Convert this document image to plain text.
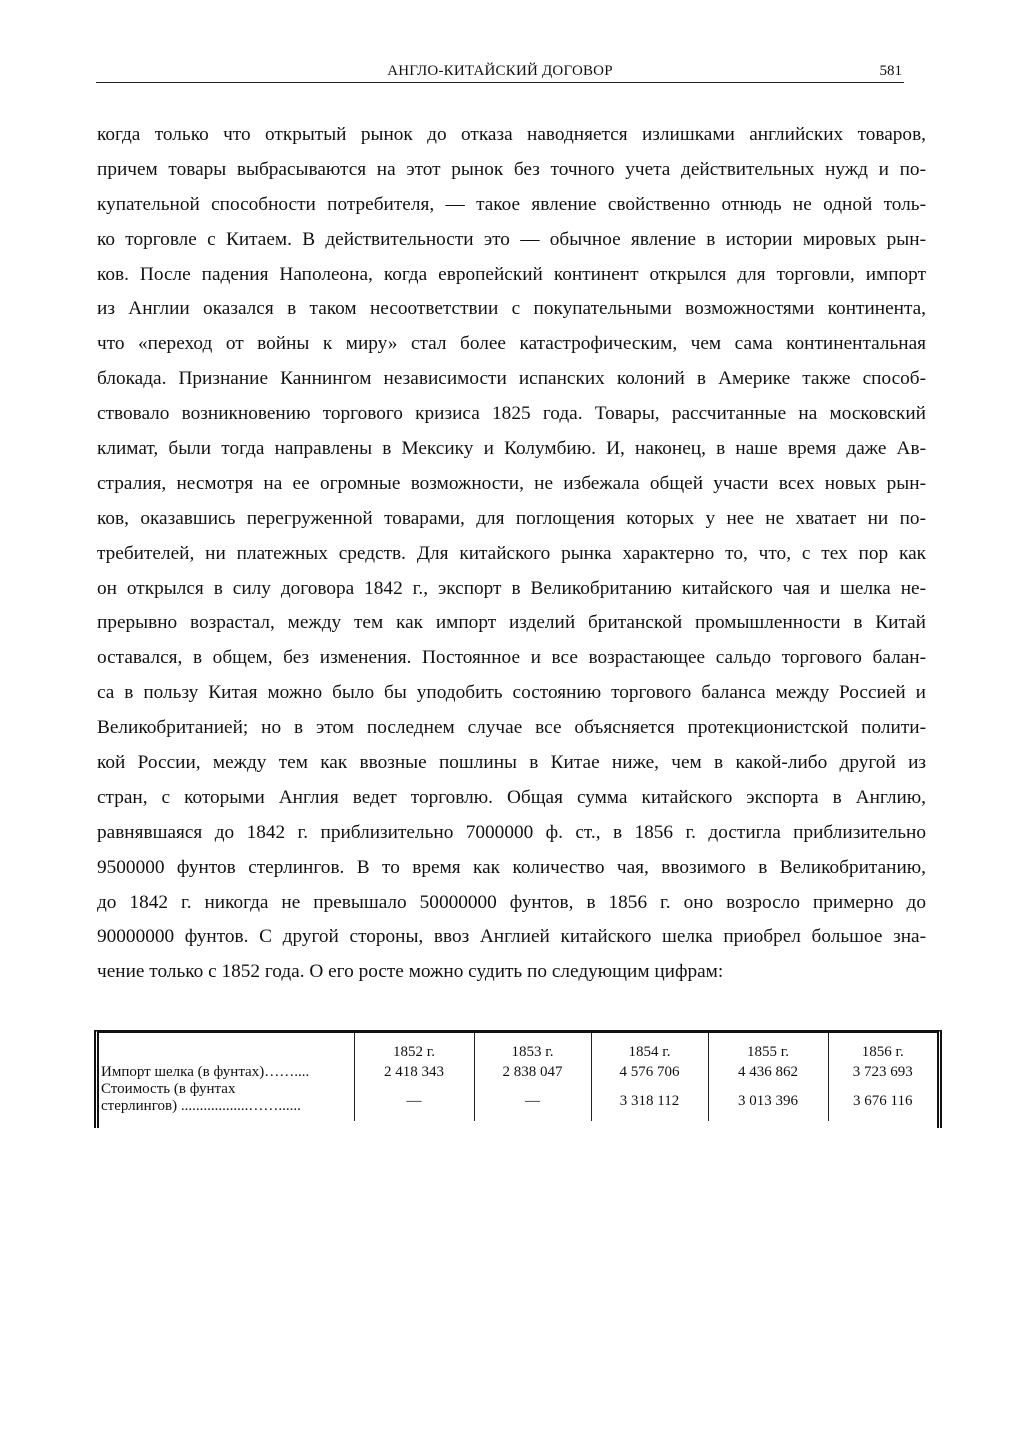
АНГЛО-КИТАЙСКИЙ ДОГОВОР	581
когда только что открытый рынок до отказа наводняется излишками английских товаров,
причем товары выбрасываются на этот рынок без точного учета действительных нужд и по-
купательной способности потребителя, — такое явление свойственно отнюдь не одной толь-
ко торговле с Китаем. В действительности это — обычное явление в истории мировых рын-
ков. После падения Наполеона, когда европейский континент открылся для торговли, импорт
из Англии оказался в таком несоответствии с покупательными возможностями континента,
что «переход от войны к миру» стал более катастрофическим, чем сама континентальная
блокада. Признание Каннингом независимости испанских колоний в Америке также способ-
ствовало возникновению торгового кризиса 1825 года. Товары, рассчитанные на московский
климат, были тогда направлены в Мексику и Колумбию. И, наконец, в наше время даже Ав-
стралия, несмотря на ее огромные возможности, не избежала общей участи всех новых рын-
ков, оказавшись перегруженной товарами, для поглощения которых у нее не хватает ни по-
требителей, ни платежных средств. Для китайского рынка характерно то, что, с тех пор как
он открылся в силу договора 1842 г., экспорт в Великобританию китайского чая и шелка не-
прерывно возрастал, между тем как импорт изделий британской промышленности в Китай
оставался, в общем, без изменения. Постоянное и все возрастающее сальдо торгового балан-
са в пользу Китая можно было бы уподобить состоянию торгового баланса между Россией и
Великобританией; но в этом последнем случае все объясняется протекционистской полити-
кой России, между тем как ввозные пошлины в Китае ниже, чем в какой-либо другой из
стран, с которыми Англия ведет торговлю. Общая сумма китайского экспорта в Англию,
равнявшаяся до 1842 г. приблизительно 7000000 ф. ст., в 1856 г. достигла приблизительно
9500000 фунтов стерлингов. В то время как количество чая, ввозимого в Великобританию,
до 1842 г. никогда не превышало 50000000 фунтов, в 1856 г. оно возросло примерно до
90000000 фунтов. С другой стороны, ввоз Англией китайского шелка приобрел большое зна-
чение только с 1852 года. О его росте можно судить по следующим цифрам:
	1852 г.	1853 г.	1854 г.	1855 г.	1856 г.
Импорт шелка (в фунтах)……....	2 418 343	2 838 047	4 576 706	4 436 862	3 723 693
Стоимость (в фунтах
стерлингов) ..................……......	—	—	3 318 112	3 013 396	3 676 116
